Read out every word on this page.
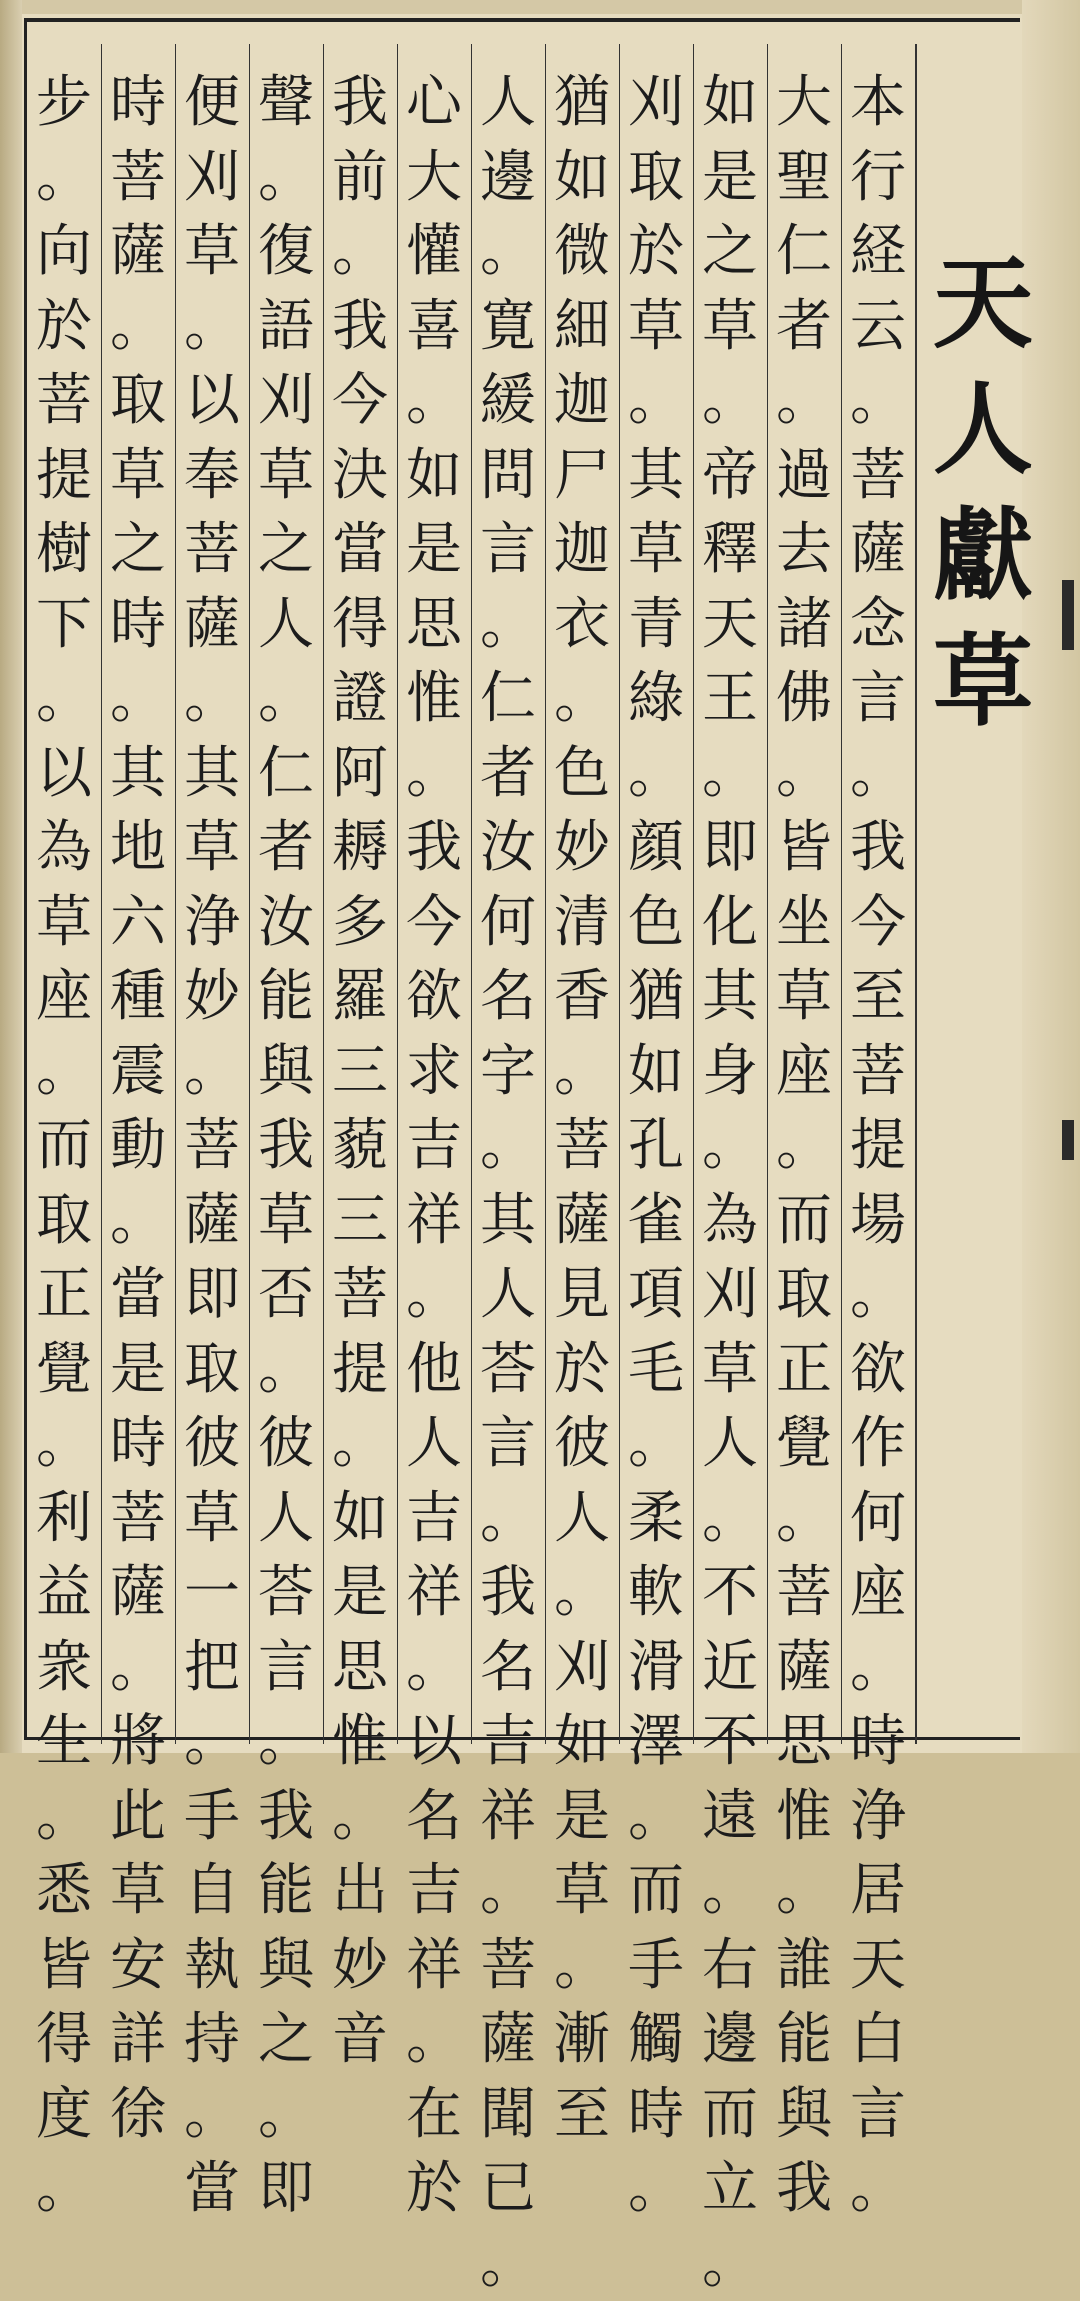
步
。
向
於
菩
提
樹
下
。
以
為
草
座
。
而
取
正
覺
。
利
益
衆
生
。
悉
皆
得
度
。
時
菩
薩
。
取
草
之
時
。
其
地
六
種
震
動
。
當
是
時
菩
薩
。
將
此
草
安
詳
徐
便
刈
草
。
以
奉
菩
薩
。
其
草
浄
妙
。
菩
薩
即
取
彼
草
一
把
。
手
自
執
持
。
當
聲
。
復
語
刈
草
之
人
。
仁
者
汝
能
與
我
草
否
。
彼
人
荅
言
。
我
能
與
之
。
即
我
前
。
我
今
決
當
得
證
阿
耨
多
羅
三
藐
三
菩
提
。
如
是
思
惟
。
出
妙
音
心
大
懽
喜
。
如
是
思
惟
。
我
今
欲
求
吉
祥
。
他
人
吉
祥
。
以
名
吉
祥
。
在
於
人
邊
。
寛
緩
問
言
。
仁
者
汝
何
名
字
。
其
人
荅
言
。
我
名
吉
祥
。
菩
薩
聞
已
。
猶
如
微
細
迦
尸
迦
衣
。
色
妙
清
香
。
菩
薩
見
於
彼
人
。
刈
如
是
草
。
漸
至
刈
取
於
草
。
其
草
青
綠
。
顔
色
猶
如
孔
雀
項
毛
。
柔
軟
滑
澤
。
而
手
觸
時
。
如
是
之
草
。
帝
釋
天
王
。
即
化
其
身
。
為
刈
草
人
。
不
近
不
遠
。
右
邊
而
立
。
大
聖
仁
者
。
過
去
諸
佛
。
皆
坐
草
座
。
而
取
正
覺
。
菩
薩
思
惟
。
誰
能
與
我
本
行
経
云
。
菩
薩
念
言
。
我
今
至
菩
提
場
。
欲
作
何
座
。
時
浄
居
天
白
言
。
天
人
獻
草
